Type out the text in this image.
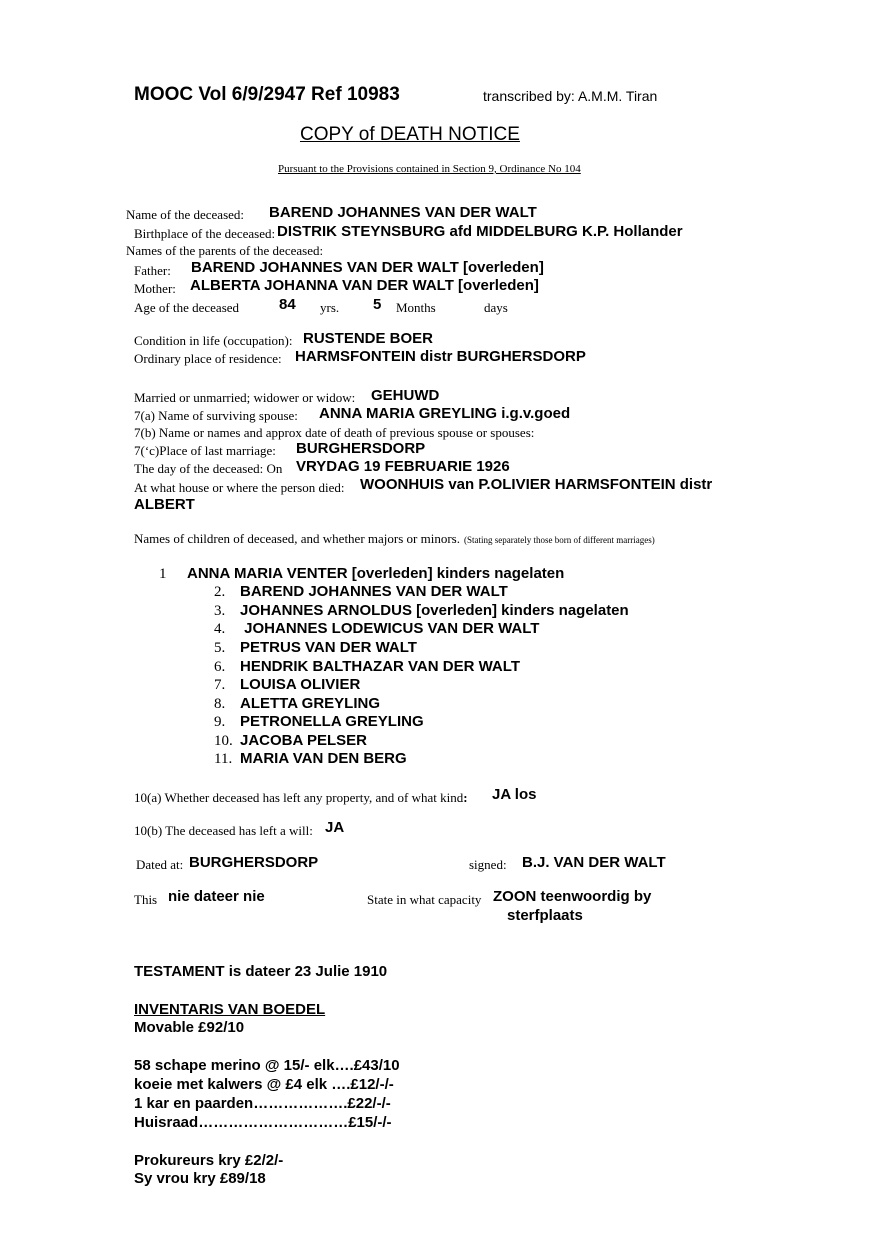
MOOC Vol 6/9/2947 Ref 10983	transcribed by: A.M.M. Tiran
COPY of DEATH NOTICE
Pursuant to the Provisions contained in Section 9, Ordinance No 104
Name of the deceased: BAREND JOHANNES VAN DER WALT
Birthplace of the deceased: DISTRIK STEYNSBURG afd MIDDELBURG K.P. Hollander
Names of the parents of the deceased:
Father: BAREND JOHANNES VAN DER WALT [overleden]
Mother: ALBERTA JOHANNA VAN DER WALT [overleden]
Age of the deceased	84 yrs. 5 Months	days
Condition in life (occupation): RUSTENDE BOER
Ordinary place of residence: HARMSFONTEIN distr BURGHERSDORP
Married or unmarried; widower or widow: GEHUWD
7(a) Name of surviving spouse: ANNA MARIA GREYLING i.g.v.goed
7(b) Name or names and approx date of death of previous spouse or spouses:
7(‘c)Place of last marriage: BURGHERSDORP
The day of the deceased: On VRYDAG 19 FEBRUARIE 1926
At what house or where the person died: WOONHUIS van P.OLIVIER HARMSFONTEIN distr
ALBERT
Names of children of deceased, and whether majors or minors. (Stating separately those born of different marriages)
1 ANNA MARIA VENTER [overleden] kinders nagelaten
2. BAREND JOHANNES VAN DER WALT
3. JOHANNES ARNOLDUS [overleden] kinders nagelaten
4. JOHANNES LODEWICUS VAN DER WALT
5. PETRUS VAN DER WALT
6. HENDRIK BALTHAZAR VAN DER WALT
7. LOUISA OLIVIER
8. ALETTA GREYLING
9. PETRONELLA GREYLING
10. JACOBA PELSER
11. MARIA VAN DEN BERG
10(a) Whether deceased has left any property, and of what kind: JA los
10(b) The deceased has left a will: JA
Dated at: BURGHERSDORP	signed: B.J. VAN DER WALT
This nie dateer nie	State in what capacity ZOON teenwoordig by
sterfplaats
TESTAMENT is dateer 23 Julie 1910
INVENTARIS VAN BOEDEL
Movable £92/10
58 schape merino @ 15/- elk….£43/10
koeie met kalwers @ £4 elk ….£12/-/-
1 kar en paarden……………….£22/-/-
Huisraad…………………………£15/-/-
Prokureurs kry £2/2/-
Sy vrou kry £89/18
